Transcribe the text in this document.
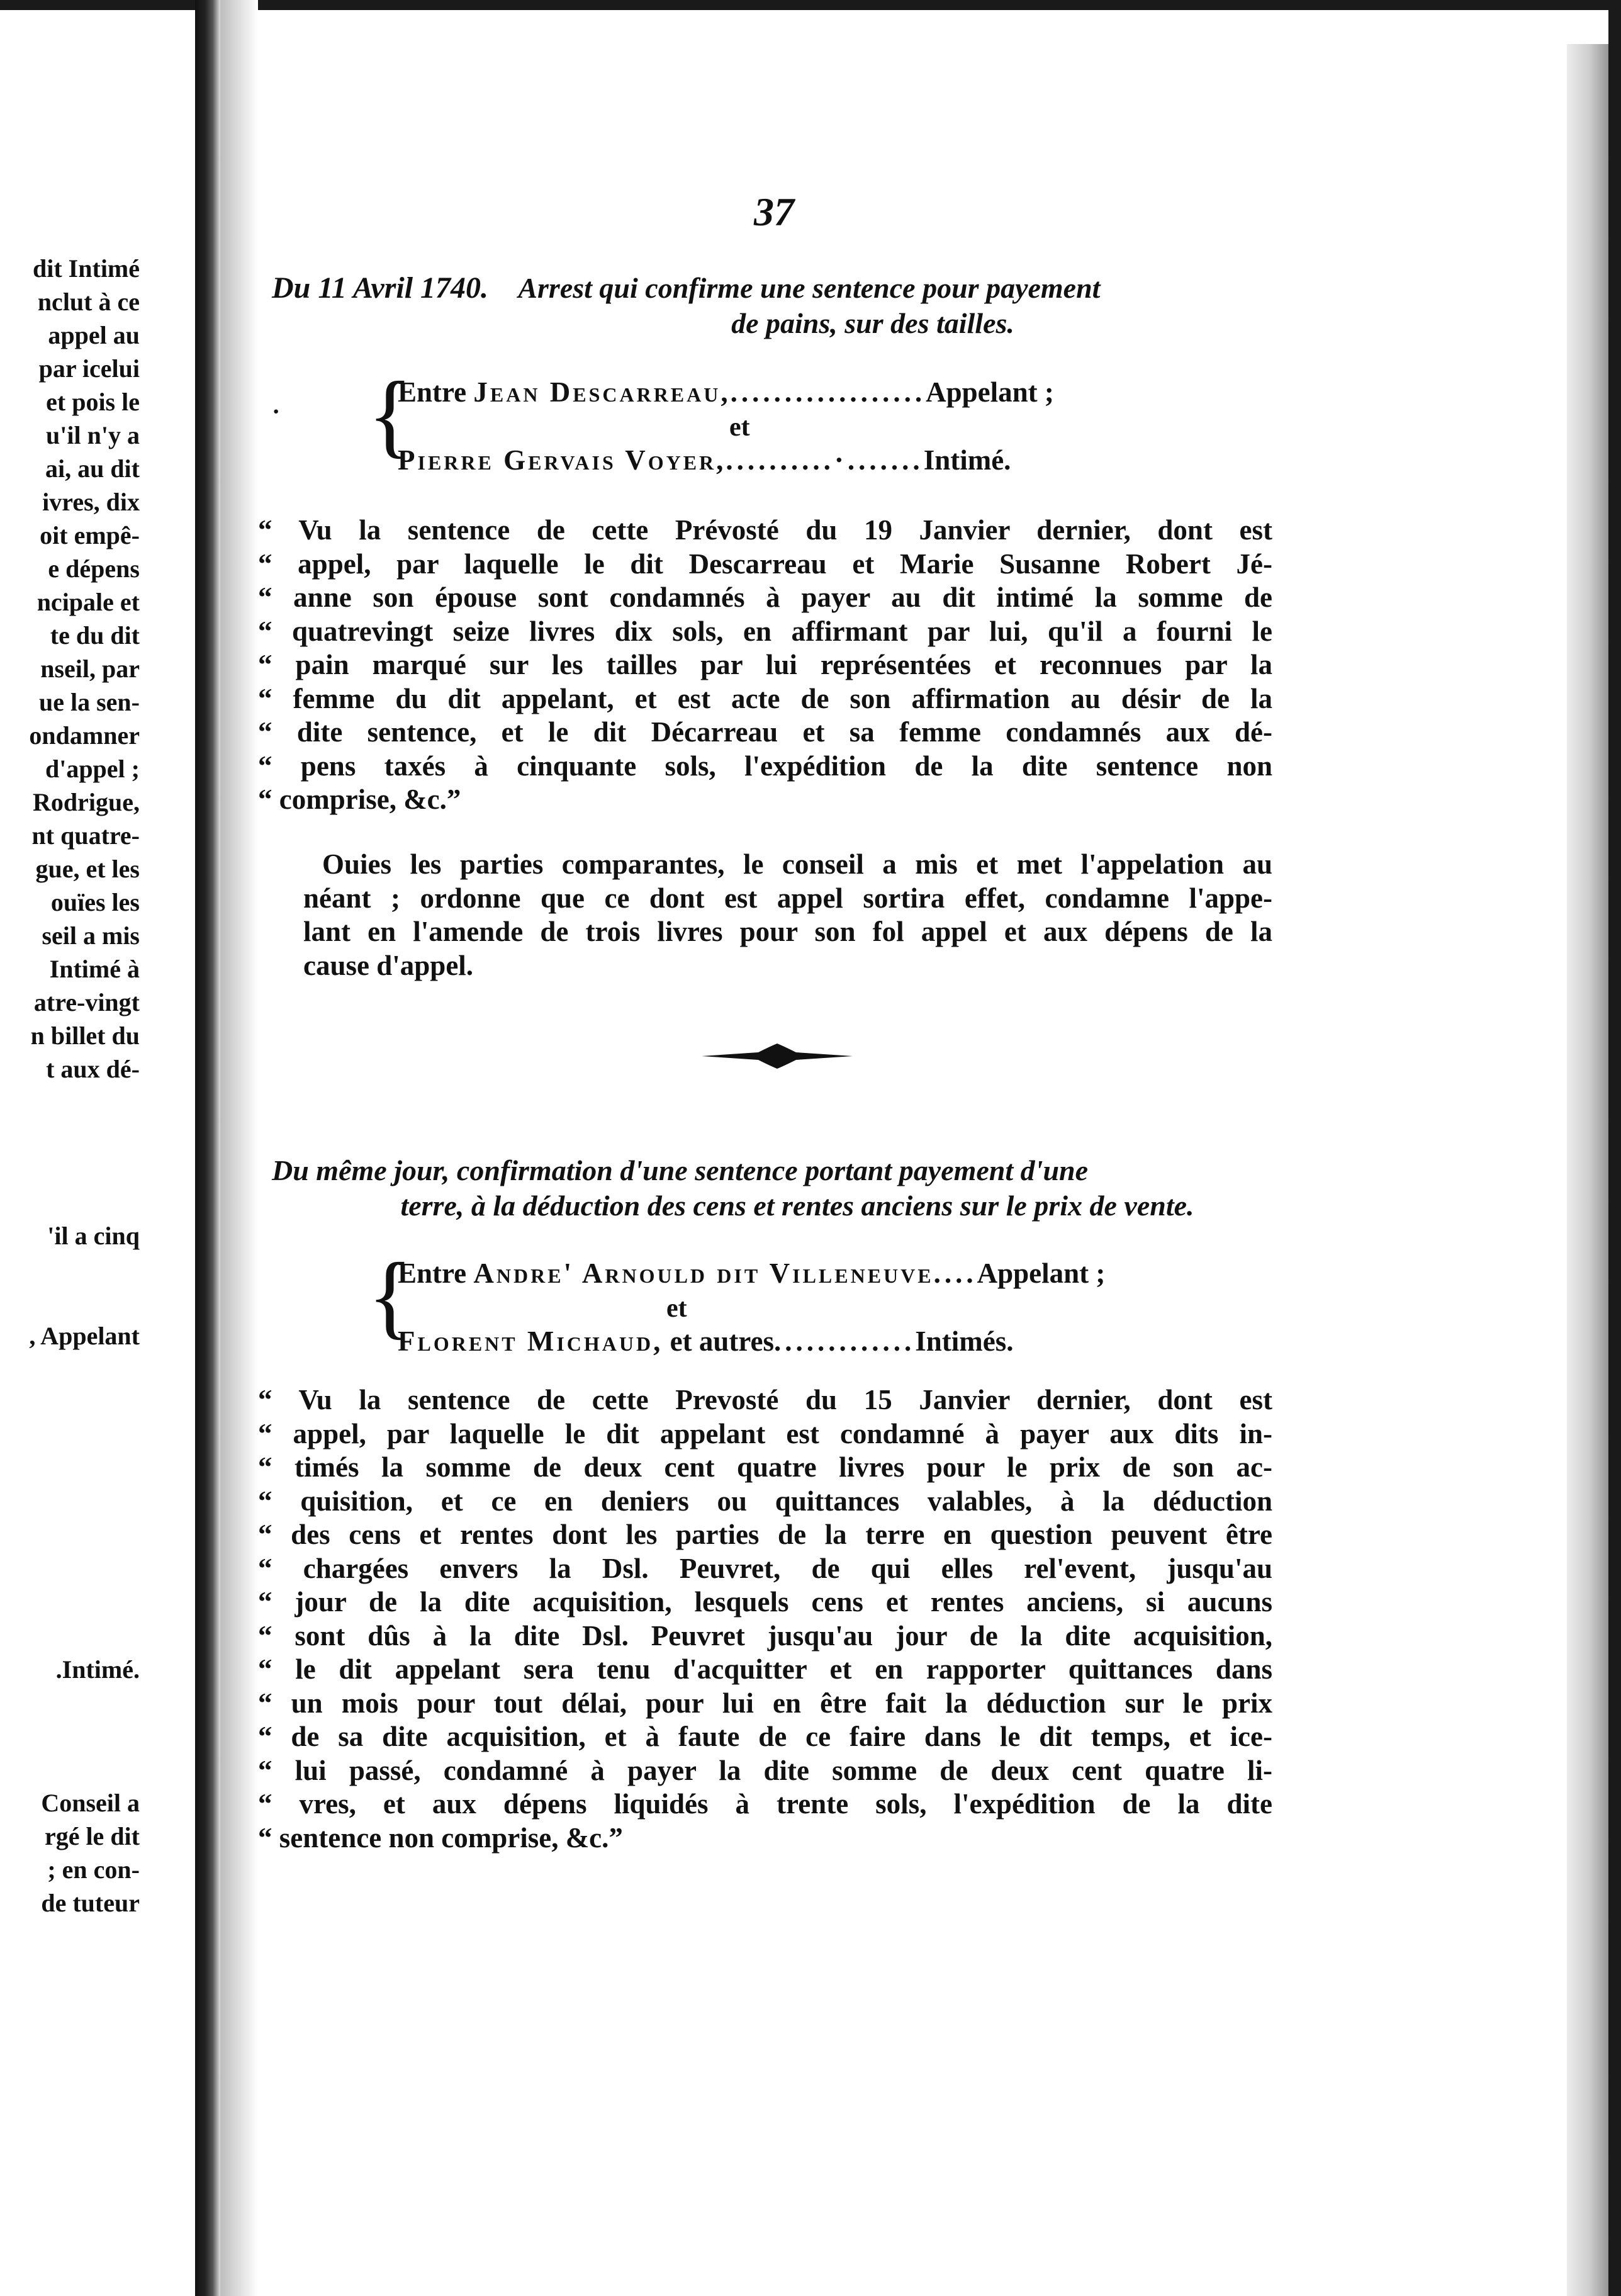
dit Intimé
nclut à ce
appel au
par icelui
et pois le
u'il n'y a
ai, au dit
ivres, dix
oit empê-
e dépens
ncipale et
te du dit
nseil, par
ue la sen-
ondamner
d'appel ;
Rodrigue,
nt quatre-
gue, et les
ouïes les
seil a mis
Intimé à
atre-vingt
n billet du
t aux dé-
'il a cinq
, Appelant
.Intimé.
Conseil a
rgé le dit
; en con-
de tuteur
37
·
Du 11 Avril 1740. Arrest qui confirme une sentence pour payement
de pains, sur des tailles.
{
Entre Jean Descarreau,..................Appelant ;
et
Pierre Gervais Voyer,..........·.......Intimé.
“ Vu la sentence de cette Prévosté du 19 Janvier dernier, dont est
“ appel, par laquelle le dit Descarreau et Marie Susanne Robert Jé-
“ anne son épouse sont condamnés à payer au dit intimé la somme de
“ quatrevingt seize livres dix sols, en affirmant par lui, qu'il a fourni le
“ pain marqué sur les tailles par lui représentées et reconnues par la
“ femme du dit appelant, et est acte de son affirmation au désir de la
“ dite sentence, et le dit Décarreau et sa femme condamnés aux dé-
“ pens taxés à cinquante sols, l'expédition de la dite sentence non
“ comprise, &c.”
Ouies les parties comparantes, le conseil a mis et met l'appelation au
néant ; ordonne que ce dont est appel sortira effet, condamne l'appe-
lant en l'amende de trois livres pour son fol appel et aux dépens de la
cause d'appel.
Du même jour, confirmation d'une sentence portant payement d'une
terre, à la déduction des cens et rentes anciens sur le prix de vente.
{
Entre Andre' Arnould dit Villeneuve....Appelant ;
et
Florent Michaud, et autres.............Intimés.
“ Vu la sentence de cette Prevosté du 15 Janvier dernier, dont est
“ appel, par laquelle le dit appelant est condamné à payer aux dits in-
“ timés la somme de deux cent quatre livres pour le prix de son ac-
“ quisition, et ce en deniers ou quittances valables, à la déduction
“ des cens et rentes dont les parties de la terre en question peuvent être
“ chargées envers la Dsl. Peuvret, de qui elles rel'event, jusqu'au
“ jour de la dite acquisition, lesquels cens et rentes anciens, si aucuns
“ sont dûs à la dite Dsl. Peuvret jusqu'au jour de la dite acquisition,
“ le dit appelant sera tenu d'acquitter et en rapporter quittances dans
“ un mois pour tout délai, pour lui en être fait la déduction sur le prix
“ de sa dite acquisition, et à faute de ce faire dans le dit temps, et ice-
“ lui passé, condamné à payer la dite somme de deux cent quatre li-
“ vres, et aux dépens liquidés à trente sols, l'expédition de la dite
“ sentence non comprise, &c.”
